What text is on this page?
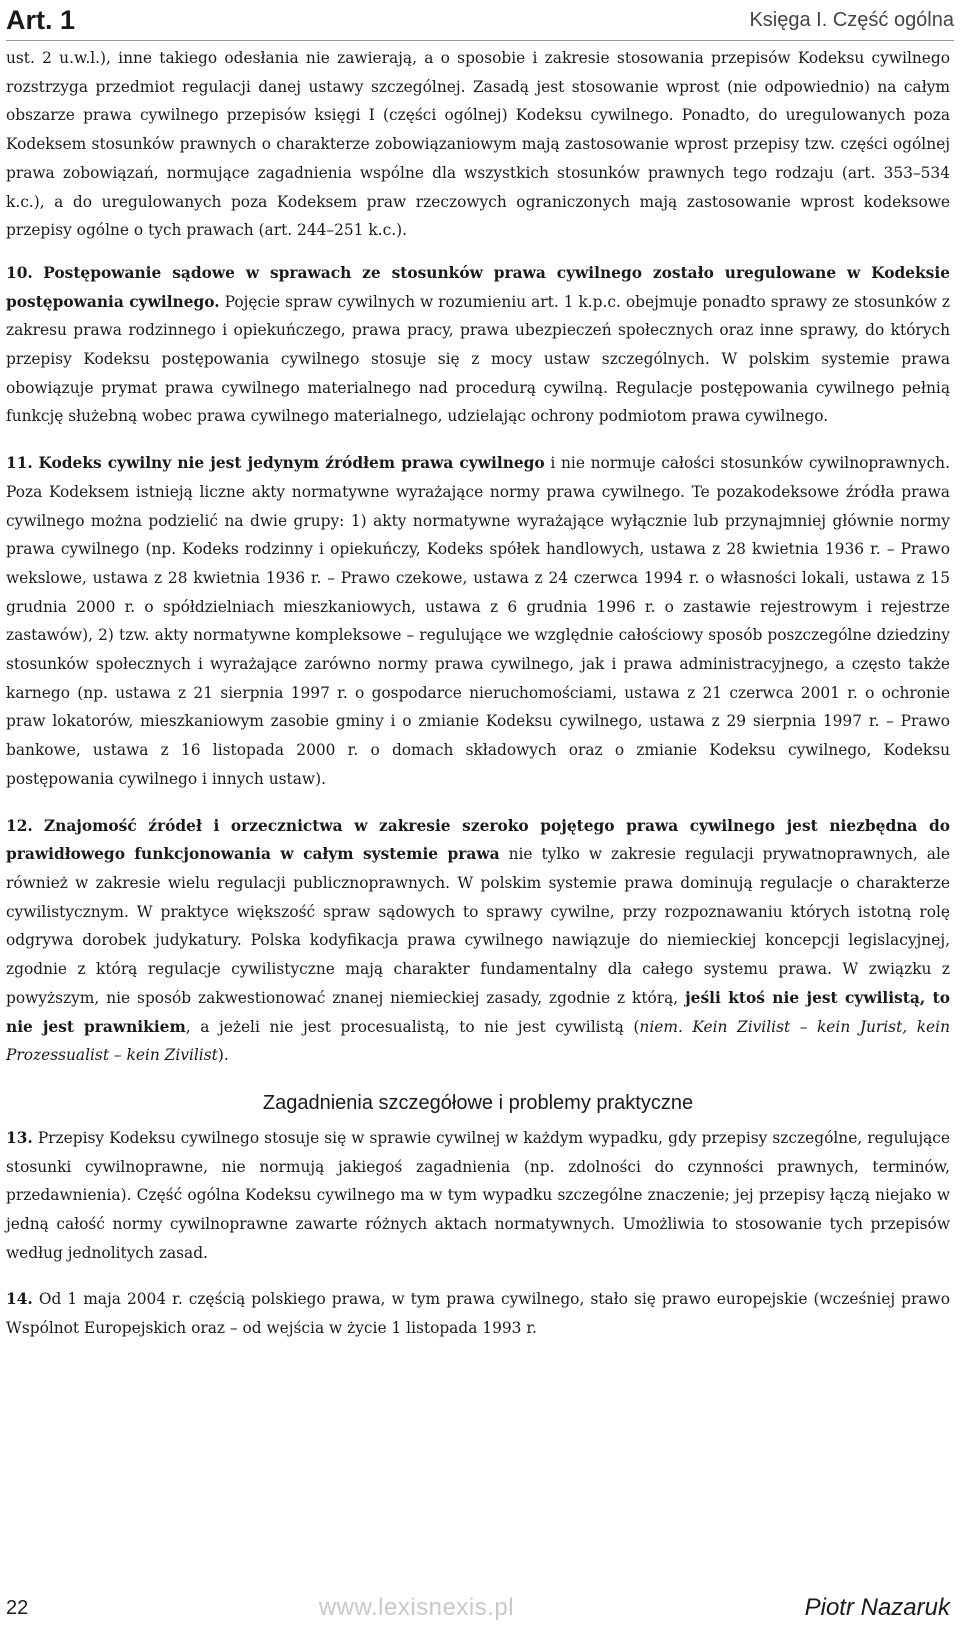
Art. 1	Księga I. Część ogólna

ust. 2 u.w.l.), inne takiego odesłania nie zawierają, a o sposobie i zakresie stosowania przepisów Kodeksu cywilnego rozstrzyga przedmiot regulacji danej ustawy szczególnej. Zasadą jest stosowanie wprost (nie odpowiednio) na całym obszarze prawa cywilnego przepisów księgi I (części ogólnej) Kodeksu cywilnego. Ponadto, do uregulowanych poza Kodeksem stosunków prawnych o charakterze zobowiązaniowym mają zastosowanie wprost przepisy tzw. części ogólnej prawa zobowiązań, normujące zagadnienia wspólne dla wszystkich stosunków prawnych tego rodzaju (art. 353–534 k.c.), a do uregulowanych poza Kodeksem praw rzeczowych ograniczonych mają zastosowanie wprost kodeksowe przepisy ogólne o tych prawach (art. 244–251 k.c.).

10. Postępowanie sądowe w sprawach ze stosunków prawa cywilnego zostało uregulowane w Kodeksie postępowania cywilnego. Pojęcie spraw cywilnych w rozumieniu art. 1 k.p.c. obejmuje ponadto sprawy ze stosunków z zakresu prawa rodzinnego i opiekuńczego, prawa pracy, prawa ubezpieczeń społecznych oraz inne sprawy, do których przepisy Kodeksu postępowania cywilnego stosuje się z mocy ustaw szczególnych. W polskim systemie prawa obowiązuje prymat prawa cywilnego materialnego nad procedurą cywilną. Regulacje postępowania cywilnego pełnią funkcję służebną wobec prawa cywilnego materialnego, udzielając ochrony podmiotom prawa cywilnego.

11. Kodeks cywilny nie jest jedynym źródłem prawa cywilnego i nie normuje całości stosunków cywilnoprawnych. Poza Kodeksem istnieją liczne akty normatywne wyrażające normy prawa cywilnego. Te pozakodeksowe źródła prawa cywilnego można podzielić na dwie grupy: 1) akty normatywne wyrażające wyłącznie lub przynajmniej głównie normy prawa cywilnego (np. Kodeks rodzinny i opiekuńczy, Kodeks spółek handlowych, ustawa z 28 kwietnia 1936 r. – Prawo wekslowe, ustawa z 28 kwietnia 1936 r. – Prawo czekowe, ustawa z 24 czerwca 1994 r. o własności lokali, ustawa z 15 grudnia 2000 r. o spółdzielniach mieszkaniowych, ustawa z 6 grudnia 1996 r. o zastawie rejestrowym i rejestrze zastawów), 2) tzw. akty normatywne kompleksowe – regulujące we względnie całościowy sposób poszczególne dziedziny stosunków społecznych i wyrażające zarówno normy prawa cywilnego, jak i prawa administracyjnego, a często także karnego (np. ustawa z 21 sierpnia 1997 r. o gospodarce nieruchomościami, ustawa z 21 czerwca 2001 r. o ochronie praw lokatorów, mieszkaniowym zasobie gminy i o zmianie Kodeksu cywilnego, ustawa z 29 sierpnia 1997 r. – Prawo bankowe, ustawa z 16 listopada 2000 r. o domach składowych oraz o zmianie Kodeksu cywilnego, Kodeksu postępowania cywilnego i innych ustaw).

12. Znajomość źródeł i orzecznictwa w zakresie szeroko pojętego prawa cywilnego jest niezbędna do prawidłowego funkcjonowania w całym systemie prawa nie tylko w zakresie regulacji prywatnoprawnych, ale również w zakresie wielu regulacji publicznoprawnych. W polskim systemie prawa dominują regulacje o charakterze cywilistycznym. W praktyce większość spraw sądowych to sprawy cywilne, przy rozpoznawaniu których istotną rolę odgrywa dorobek judykatury. Polska kodyfikacja prawa cywilnego nawiązuje do niemieckiej koncepcji legislacyjnej, zgodnie z którą regulacje cywilistyczne mają charakter fundamentalny dla całego systemu prawa. W związku z powyższym, nie sposób zakwestionować znanej niemieckiej zasady, zgodnie z którą, jeśli ktoś nie jest cywilistą, to nie jest prawnikiem, a jeżeli nie jest procesualistą, to nie jest cywilistą (niem. Kein Zivilist – kein Jurist, kein Prozessualist – kein Zivilist).

Zagadnienia szczegółowe i problemy praktyczne

13. Przepisy Kodeksu cywilnego stosuje się w sprawie cywilnej w każdym wypadku, gdy przepisy szczególne, regulujące stosunki cywilnoprawne, nie normują jakiegoś zagadnienia (np. zdolności do czynności prawnych, terminów, przedawnienia). Część ogólna Kodeksu cywilnego ma w tym wypadku szczególne znaczenie; jej przepisy łączą niejako w jedną całość normy cywilnoprawne zawarte różnych aktach normatywnych. Umożliwia to stosowanie tych przepisów według jednolitych zasad.

14. Od 1 maja 2004 r. częścią polskiego prawa, w tym prawa cywilnego, stało się prawo europejskie (wcześniej prawo Wspólnot Europejskich oraz – od wejścia w życie 1 listopada 1993 r.

22	www.lexisnexis.pl	Piotr Nazaruk
